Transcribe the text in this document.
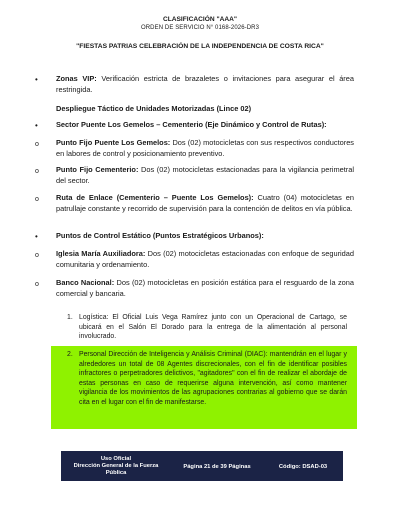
CLASIFICACIÓN "AAA"
ORDEN DE SERVICIO N° 0168-2026-DR3
"FIESTAS PATRIAS CELEBRACIÓN DE LA INDEPENDENCIA DE COSTA RICA"
• Zonas VIP: Verificación estricta de brazaletes o invitaciones para asegurar el área restringida.
Despliegue Táctico de Unidades Motorizadas (Lince 02)
• Sector Puente Los Gemelos – Cementerio (Eje Dinámico y Control de Rutas):
o Punto Fijo Puente Los Gemelos: Dos (02) motocicletas con sus respectivos conductores en labores de control y posicionamiento preventivo.
o Punto Fijo Cementerio: Dos (02) motocicletas estacionadas para la vigilancia perimetral del sector.
o Ruta de Enlace (Cementerio – Puente Los Gemelos): Cuatro (04) motocicletas en patrullaje constante y recorrido de supervisión para la contención de delitos en vía pública.
• Puntos de Control Estático (Puntos Estratégicos Urbanos):
o Iglesia María Auxiliadora: Dos (02) motocicletas estacionadas con enfoque de seguridad comunitaria y ordenamiento.
o Banco Nacional: Dos (02) motocicletas en posición estática para el resguardo de la zona comercial y bancaria.
1. Logística: El Oficial Luis Vega Ramírez junto con un Operacional de Cartago, se ubicará en el Salón El Dorado para la entrega de la alimentación al personal involucrado.
2. Personal Dirección de Inteligencia y Análisis Criminal (DIAC): mantendrán en el lugar y alrededores un total de 08 Agentes discrecionales, con el fin de identificar posibles infractores o perpetradores delictivos, "agitadores" con el fin de realizar el abordaje de estas personas en caso de requerirse alguna intervención, así como mantener vigilancia de los movimientos de las agrupaciones contrarias al gobierno que se darán cita en el lugar con el fin de manifestarse.
Uso Oficial
Dirección General de la Fuerza Pública
Página 21 de 39 Páginas	Código: DSAD-03
